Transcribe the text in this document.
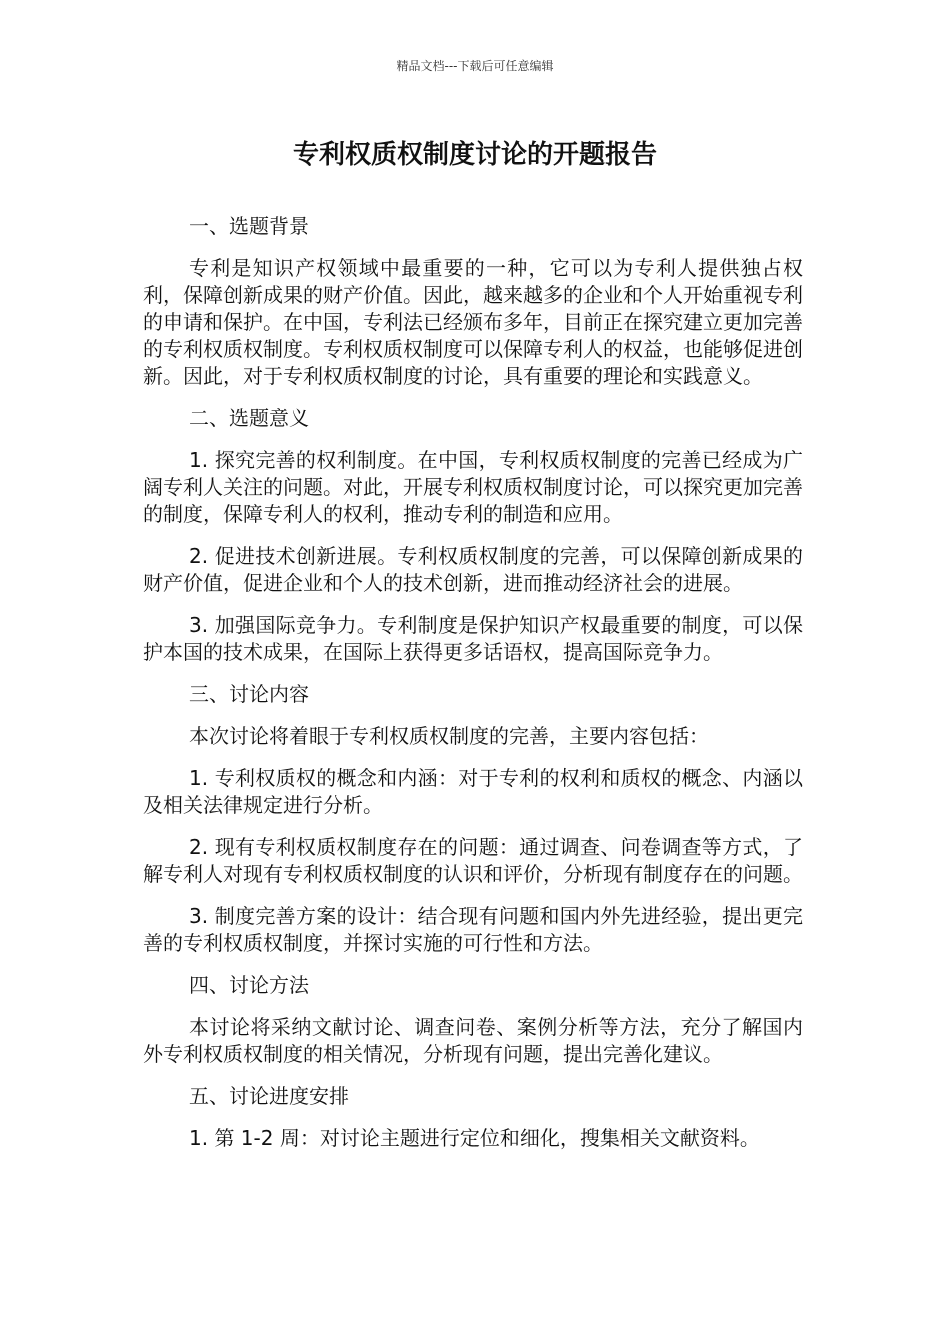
精品文档---下载后可任意编辑
专利权质权制度讨论的开题报告

一、选题背景

专利是知识产权领域中最重要的一种，它可以为专利人提供独占权利，保障创新成果的财产价值。因此，越来越多的企业和个人开始重视专利的申请和保护。在中国，专利法已经颁布多年，目前正在探究建立更加完善的专利权质权制度。专利权质权制度可以保障专利人的权益，也能够促进创新。因此，对于专利权质权制度的讨论，具有重要的理论和实践意义。

二、选题意义

1. 探究完善的权利制度。在中国，专利权质权制度的完善已经成为广阔专利人关注的问题。对此，开展专利权质权制度讨论，可以探究更加完善的制度，保障专利人的权利，推动专利的制造和应用。

2. 促进技术创新进展。专利权质权制度的完善，可以保障创新成果的财产价值，促进企业和个人的技术创新，进而推动经济社会的进展。

3. 加强国际竞争力。专利制度是保护知识产权最重要的制度，可以保护本国的技术成果，在国际上获得更多话语权，提高国际竞争力。

三、讨论内容

本次讨论将着眼于专利权质权制度的完善，主要内容包括：

1. 专利权质权的概念和内涵：对于专利的权利和质权的概念、内涵以及相关法律规定进行分析。

2. 现有专利权质权制度存在的问题：通过调查、问卷调查等方式，了解专利人对现有专利权质权制度的认识和评价，分析现有制度存在的问题。

3. 制度完善方案的设计：结合现有问题和国内外先进经验，提出更完善的专利权质权制度，并探讨实施的可行性和方法。

四、讨论方法

本讨论将采纳文献讨论、调查问卷、案例分析等方法，充分了解国内外专利权质权制度的相关情况，分析现有问题，提出完善化建议。

五、讨论进度安排

1. 第 1-2 周：对讨论主题进行定位和细化，搜集相关文献资料。
